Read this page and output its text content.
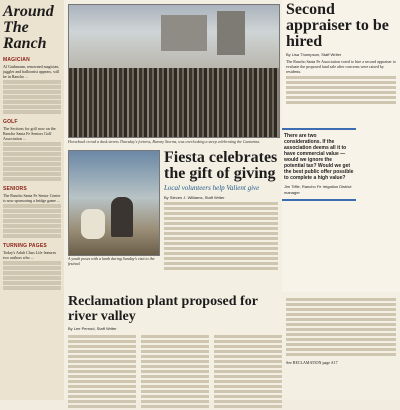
Around The Ranch
MAGICIAN
Al Guthmann, renowned magician, juggler and balloonist appears, will be in Rancho ...
GOLF
The Sections for golf now on the Rancho Santa Fe Seniors Golf Association ...
SENIORS
The Rancho Santa Fe Senior Center is now sponsoring a bridge game ...
TURNING PAGES
Today's Adult Class Life features two authors who ...
Horseback crowd a dusk streets Thursday's fortress, Barony Storms, was overlooking a steep celebrating the Cantarina.
Second appraiser to be hired
By Lisa Thompson, Staff Writer
The Rancho Santa Fe Association voted to hire a second appraiser to evaluate the proposed land sale after concerns were raised by residents.
There are two considerations. If the association deems all it to have commercial value — would we ignore the potential tax? Would we get the best public offer possible to complete a high value?
Jim Tiffle, Rancho Fe Irrigation District manager
A youth poses with a lamb during Sunday's visit to the festival.
Fiesta celebrates the gift of giving
Local volunteers help Valient give
By Steven J. Williams, Staff Writer
Reclamation plant proposed for river valley
By Lee Pernod, Staff Writer
See RECLAMATION page A17
